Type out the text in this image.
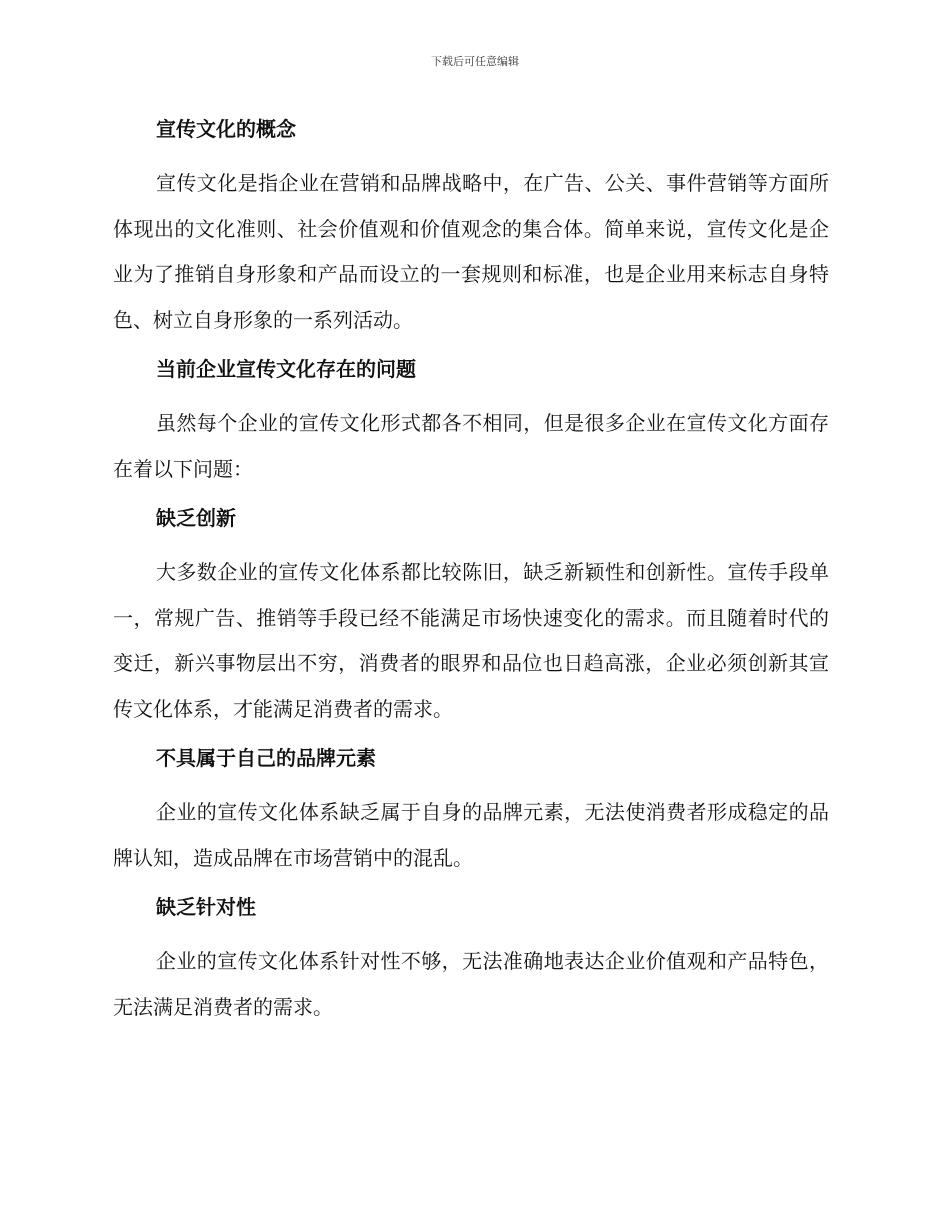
下载后可任意编辑
宣传文化的概念

宣传文化是指企业在营销和品牌战略中，在广告、公关、事件营销等方面所体现出的文化准则、社会价值观和价值观念的集合体。简单来说，宣传文化是企业为了推销自身形象和产品而设立的一套规则和标准，也是企业用来标志自身特色、树立自身形象的一系列活动。

当前企业宣传文化存在的问题

虽然每个企业的宣传文化形式都各不相同，但是很多企业在宣传文化方面存在着以下问题：

缺乏创新

大多数企业的宣传文化体系都比较陈旧，缺乏新颖性和创新性。宣传手段单一，常规广告、推销等手段已经不能满足市场快速变化的需求。而且随着时代的变迁，新兴事物层出不穷，消费者的眼界和品位也日趋高涨，企业必须创新其宣传文化体系，才能满足消费者的需求。

不具属于自己的品牌元素

企业的宣传文化体系缺乏属于自身的品牌元素，无法使消费者形成稳定的品牌认知，造成品牌在市场营销中的混乱。

缺乏针对性

企业的宣传文化体系针对性不够，无法准确地表达企业价值观和产品特色，无法满足消费者的需求。
